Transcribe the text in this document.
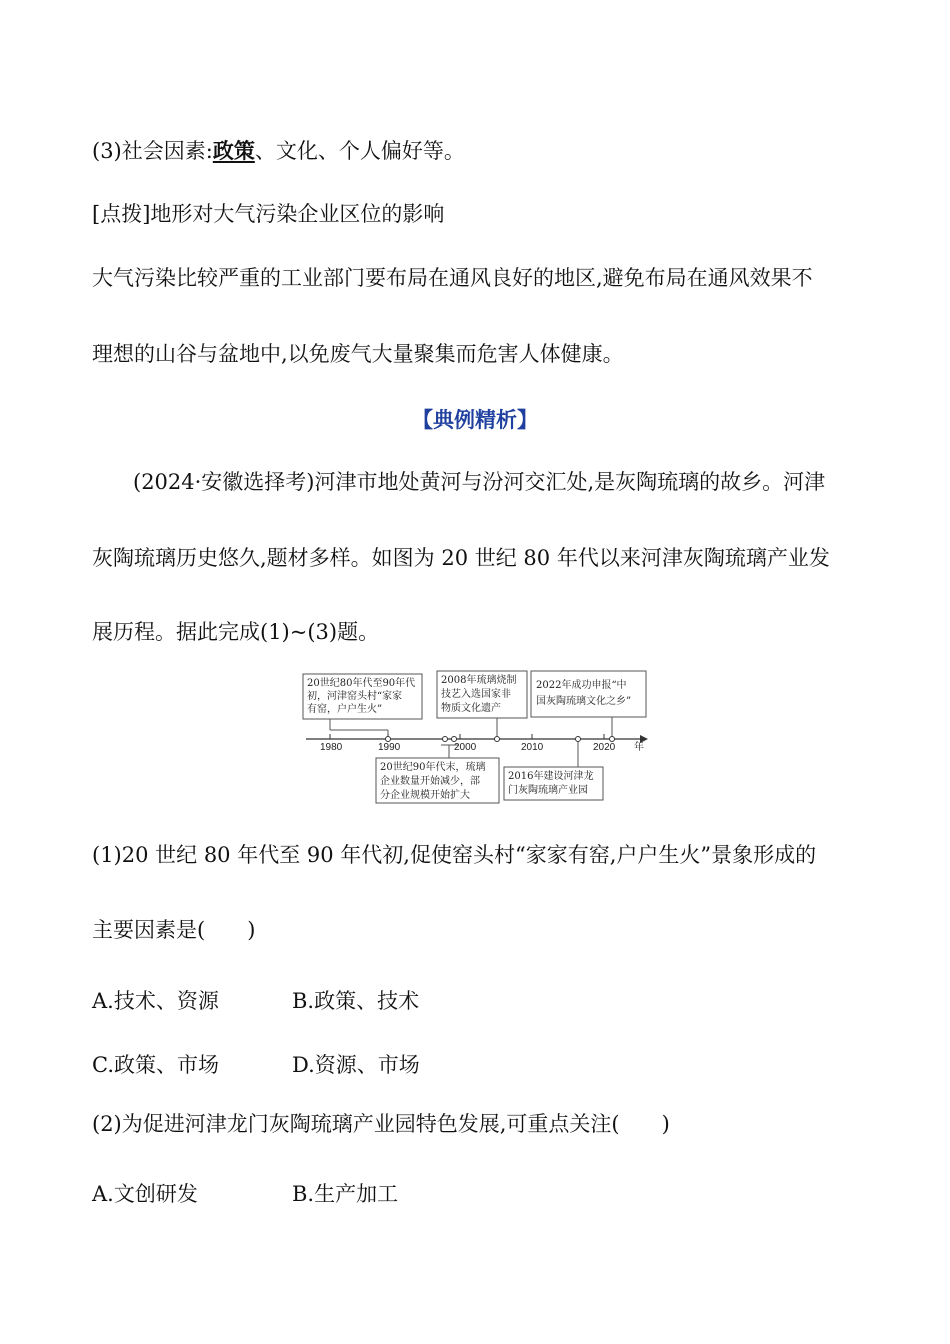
(3)社会因素:政策、文化、个人偏好等。
[点拨]地形对大气污染企业区位的影响
大气污染比较严重的工业部门要布局在通风良好的地区,避免布局在通风效果不
理想的山谷与盆地中,以免废气大量聚集而危害人体健康。
【典例精析】
(2024·安徽选择考)河津市地处黄河与汾河交汇处,是灰陶琉璃的故乡。河津
灰陶琉璃历史悠久,题材多样。如图为 20 世纪 80 年代以来河津灰陶琉璃产业发
展历程。据此完成(1)~(3)题。
1980	1990	2000	2010	2020 年
20世纪80年代至90年代
初，河津窑头村“家家
有窑，户户生火”
2008年琉璃烧制
技艺入选国家非
物质文化遗产
2022年成功申报“中
国灰陶琉璃文化之乡”
20世纪90年代末，琉璃
企业数量开始减少，部
分企业规模开始扩大
2016年建设河津龙
门灰陶琉璃产业园
(1)20 世纪 80 年代至 90 年代初,促使窑头村“家家有窑,户户生火”景象形成的
主要因素是(　　)
A.技术、资源	B.政策、技术
C.政策、市场	D.资源、市场
(2)为促进河津龙门灰陶琉璃产业园特色发展,可重点关注(　　)
A.文创研发	B.生产加工
